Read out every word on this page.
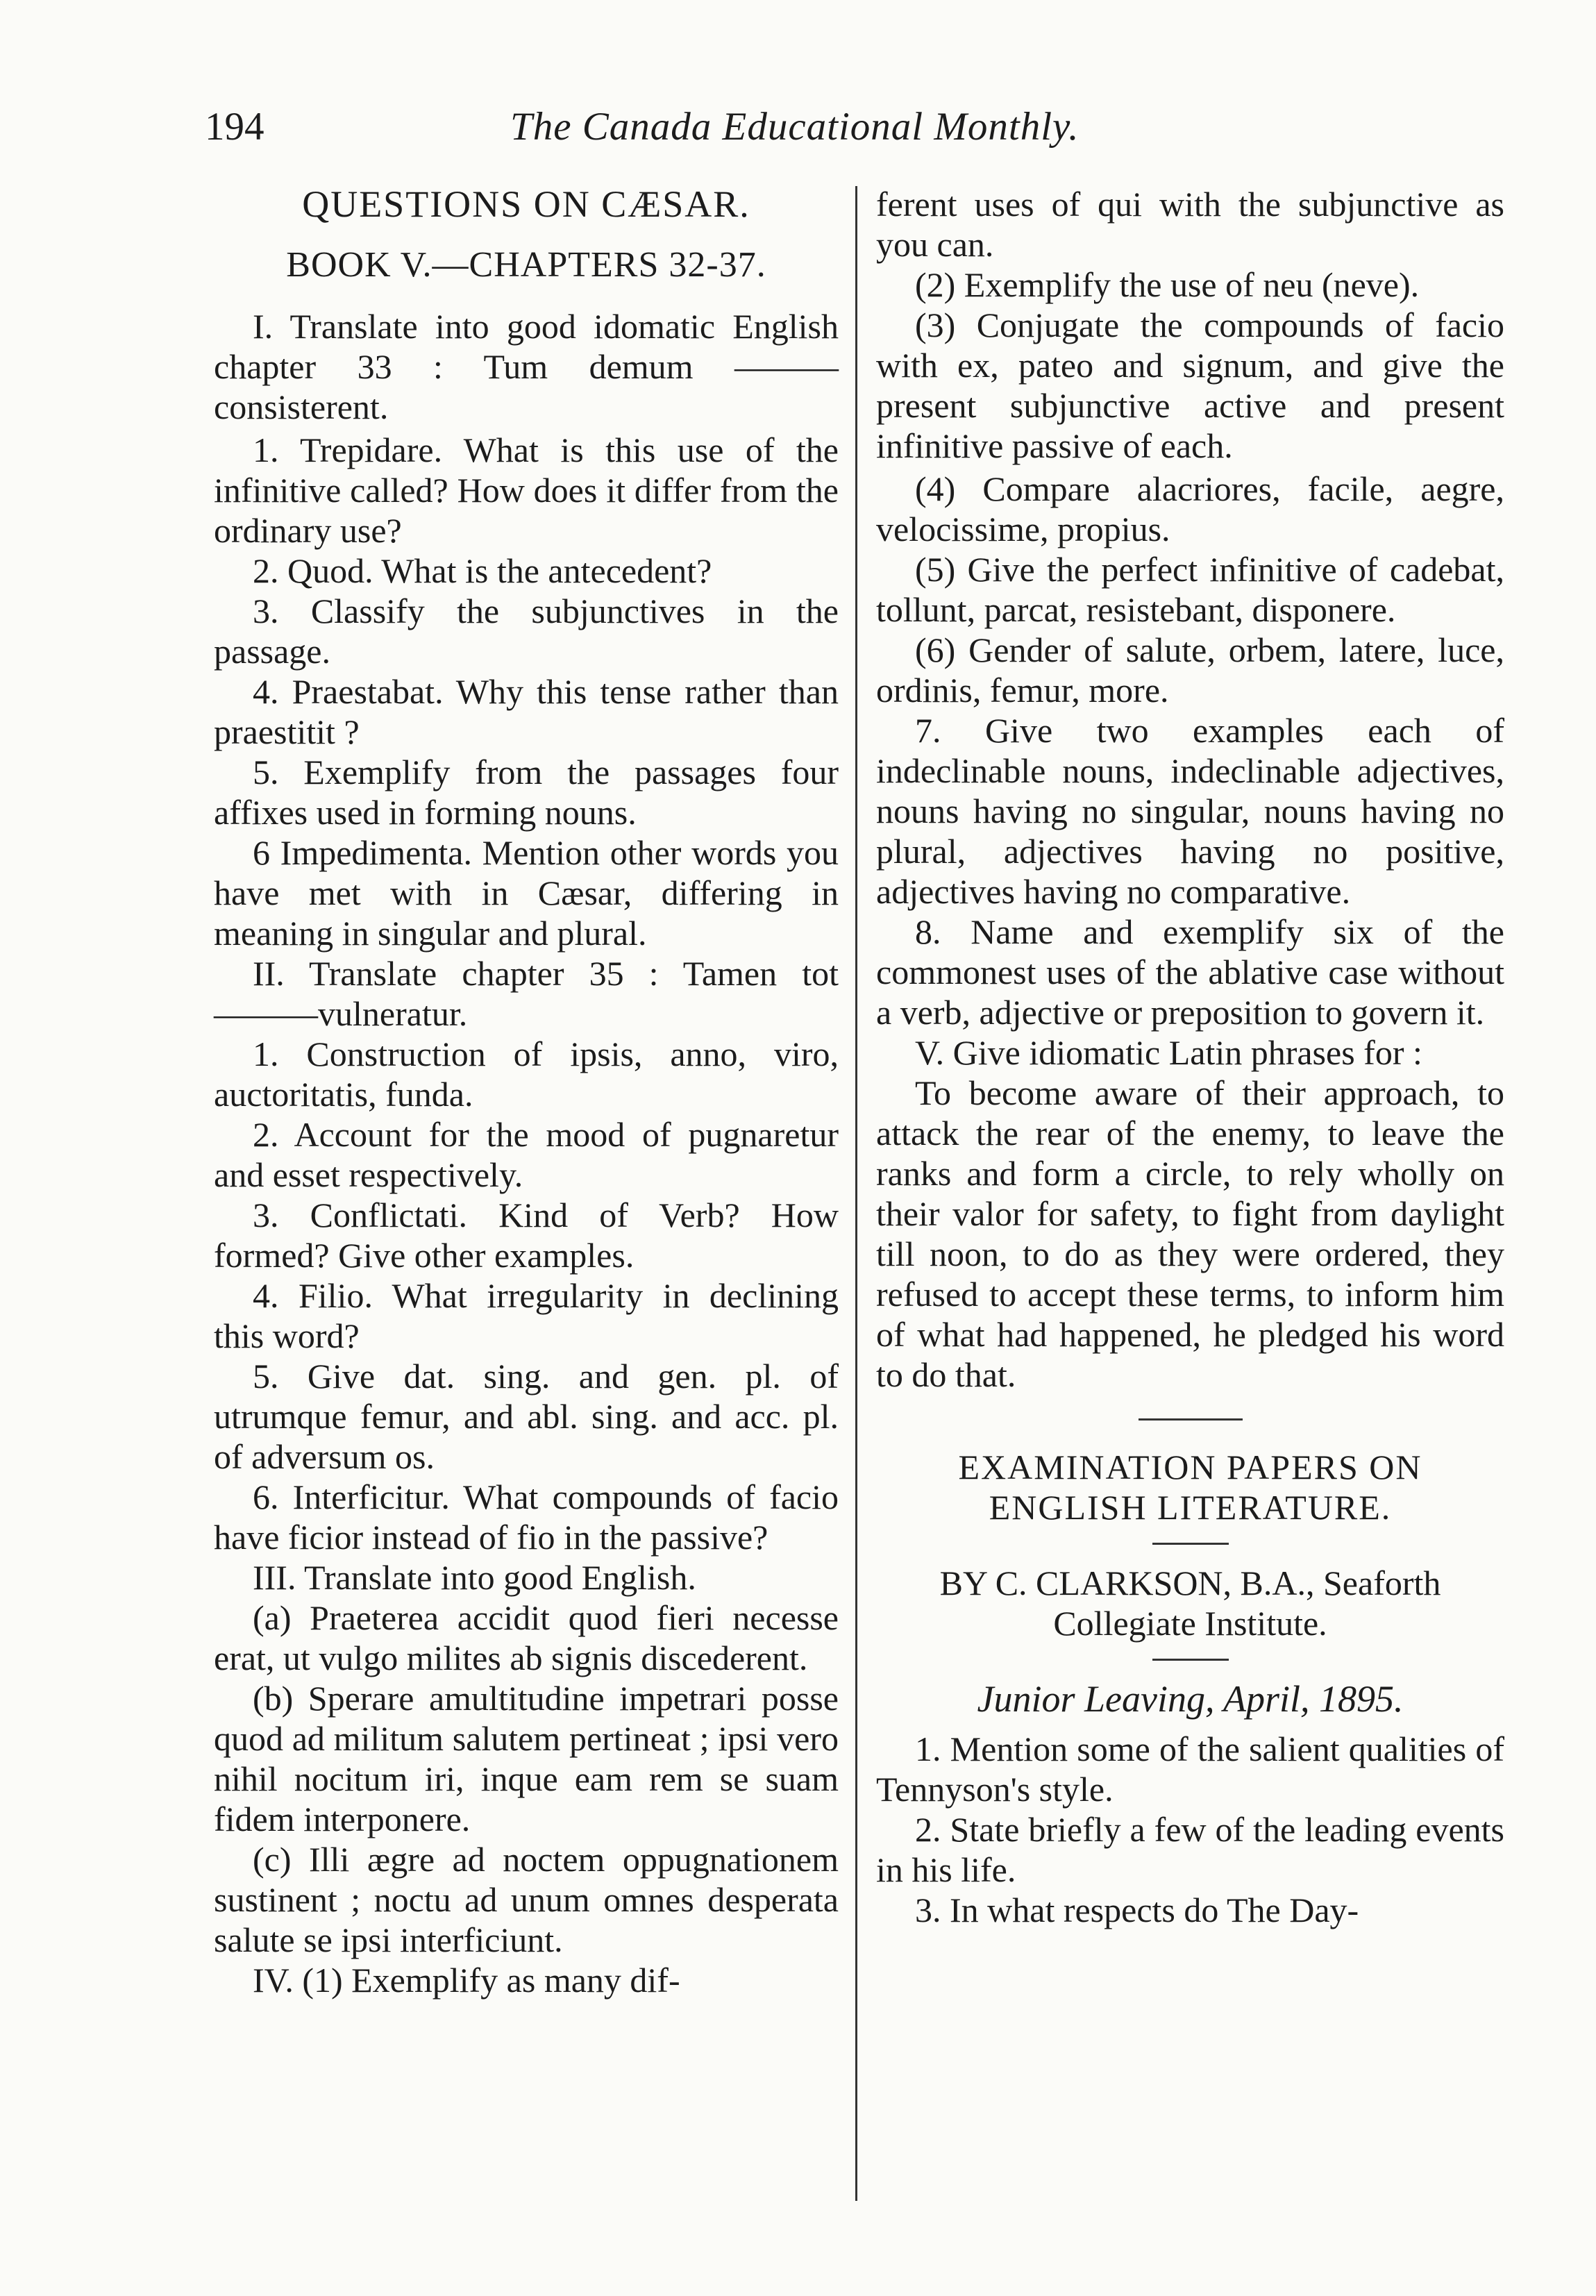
194	The Canada Educational Monthly.

QUESTIONS ON CÆSAR.

BOOK V.—CHAPTERS 32-37.

I. Translate into good idomatic English chapter 33 : Tum demum ———consisterent.

1. Trepidare. What is this use of the infinitive called? How does it differ from the ordinary use?

2. Quod. What is the antecedent?

3. Classify the subjunctives in the passage.

4. Praestabat. Why this tense rather than praestitit ?

5. Exemplify from the passages four affixes used in forming nouns.

6 Impedimenta. Mention other words you have met with in Cæsar, differing in meaning in singular and plural.

II. Translate chapter 35 : Tamen tot ———vulneratur.

1. Construction of ipsis, anno, viro, auctoritatis, funda.

2. Account for the mood of pugnaretur and esset respectively.

3. Conflictati. Kind of Verb? How formed? Give other examples.

4. Filio. What irregularity in declining this word?

5. Give dat. sing. and gen. pl. of utrumque femur, and abl. sing. and acc. pl. of adversum os.

6. Interficitur. What compounds of facio have ficior instead of fio in the passive?

III. Translate into good English.

(a) Praeterea accidit quod fieri necesse erat, ut vulgo milites ab signis discederent.

(b) Sperare amultitudine impetrari posse quod ad militum salutem pertineat ; ipsi vero nihil nocitum iri, inque eam rem se suam fidem interponere.

(c) Illi ægre ad noctem oppugnationem sustinent ; noctu ad unum omnes desperata salute se ipsi interficiunt.

IV. (1) Exemplify as many dif-

ferent uses of qui with the subjunctive as you can.

(2) Exemplify the use of neu (neve).

(3) Conjugate the compounds of facio with ex, pateo and signum, and give the present subjunctive active and present infinitive passive of each.

(4) Compare alacriores, facile, aegre, velocissime, propius.

(5) Give the perfect infinitive of cadebat, tollunt, parcat, resistebant, disponere.

(6) Gender of salute, orbem, latere, luce, ordinis, femur, more.

7. Give two examples each of indeclinable nouns, indeclinable adjectives, nouns having no singular, nouns having no plural, adjectives having no positive, adjectives having no comparative.

8. Name and exemplify six of the commonest uses of the ablative case without a verb, adjective or preposition to govern it.

V. Give idiomatic Latin phrases for :

To become aware of their approach, to attack the rear of the enemy, to leave the ranks and form a circle, to rely wholly on their valor for safety, to fight from daylight till noon, to do as they were ordered, they refused to accept these terms, to inform him of what had happened, he pledged his word to do that.

EXAMINATION PAPERS ON ENGLISH LITERATURE.

BY C. CLARKSON, B.A., Seaforth Collegiate Institute.

Junior Leaving, April, 1895.

1. Mention some of the salient qualities of Tennyson's style.

2. State briefly a few of the leading events in his life.

3. In what respects do The Day-
